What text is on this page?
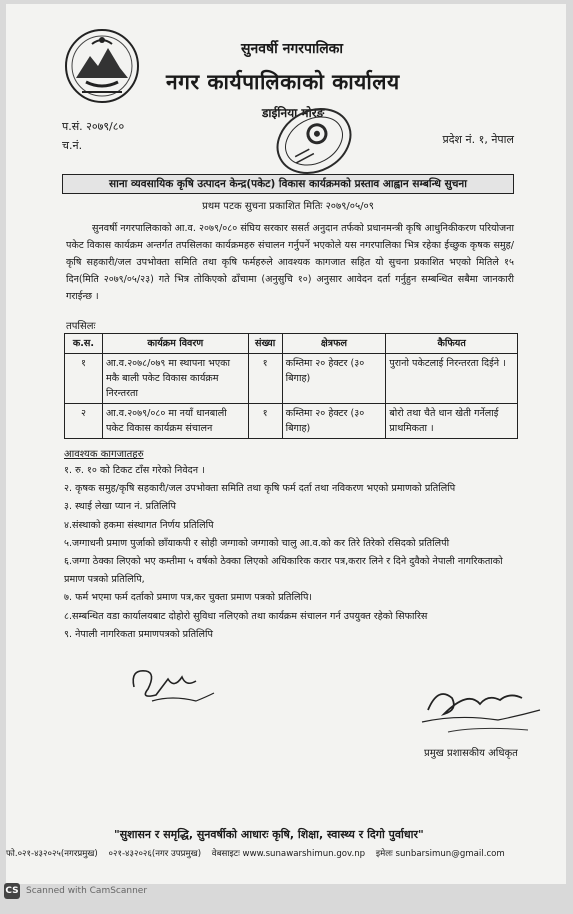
सुनवर्षी नगरपालिका
नगर कार्यपालिकाको कार्यालय
डाईनिया मोरङ
प.सं. २०७९/८०
च.नं.	प्रदेश नं. १, नेपाल
साना व्यवसायिक कृषि उत्पादन केन्द्र(पकेट) विकास कार्यक्रमको प्रस्ताव आह्वान सम्बन्धि सुचना
प्रथम पटक सुचना प्रकाशित मितिः २०७९/०५/०९
सुनवर्षी नगरपालिकाको आ.व. २०७९/०८० संघिय सरकार ससर्त अनुदान तर्फको प्रधानमन्त्री कृषि आधुनिकीकरण परियोजना पकेट विकास कार्यक्रम अन्तर्गत तपसिलका कार्यक्रमहरु संचालन गर्नुपर्ने भएकोले यस नगरपालिका भित्र रहेका ईच्छुक कृषक समुह/कृषि सहकारी/जल उपभोक्ता समिति तथा कृषि फर्महरुले आवश्यक कागजात सहित यो सुचना प्रकाशित भएको मितिले १५ दिन(मिति २०७९/०५/२३) गते भित्र तोकिएको ढाँचामा (अनुसुचि १०) अनुसार आवेदन दर्ता गर्नुहुन सम्बन्धित सबैमा जानकारी गराईन्छ ।
तपसिलः
क.स.	कार्यक्रम विवरण	संख्या	क्षेत्रफल	कैफियत
१	आ.व.२०७८/०७९ मा स्थापना भएका मकै बाली पकेट विकास कार्यक्रम निरन्तरता	१	कम्तिमा २० हेक्टर (३० बिगाह)	पुरानो पकेटलाई निरन्तरता दिईने ।
२	आ.व.२०७९/०८० मा नयाँ धानबाली पकेट विकास कार्यक्रम संचालन	१	कम्तिमा २० हेक्टर (३० बिगाह)	बोरो तथा चैते धान खेती गर्नेलाई प्राथमिकता ।
आवश्यक कागजातहरु
१. रु. १० को टिकट टाँस गरेको निवेदन ।
२. कृषक समुह/कृषि सहकारी/जल उपभोक्ता समिति तथा कृषि फर्म दर्ता तथा नविकरण भएको प्रमाणको प्रतिलिपि
३. स्थाई लेखा प्यान नं. प्रतिलिपि
४.संस्थाको हकमा संस्थागत निर्णय प्रतिलिपि
५.जग्गाधनी प्रमाण पुर्जाको छाँयाकपी र सोही जग्गाको जग्गाको चालु आ.व.को कर तिरे तिरेको रसिदको प्रतिलिपी
६.जग्गा ठेक्का लिएको भए कम्तीमा ५ वर्षको ठेक्का लिएको अधिकारिक करार पत्र,करार लिने र दिने दुवैको नेपाली नागरिकताको प्रमाण पत्रको प्रतिलिपि,
७. फर्म भएमा फर्म दर्ताको प्रमाण पत्र,कर चुक्ता प्रमाण पत्रको प्रतिलिपि।
८.सम्बन्धित वडा कार्यालयबाट दोहोरो सुविधा नलिएको तथा कार्यक्रम संचालन गर्न उपयुक्त रहेको सिफारिस
९. नेपाली नागरिकता प्रमाणपत्रको प्रतिलिपि
प्रमुख प्रशासकीय अधिकृत
"सुशासन र समृद्धि, सुनवर्षीको आधारः कृषि, शिक्षा, स्वास्थ्य र दिगो पुर्वाधार"
फो.०२१-४३२०२५(नगरप्रमुख) ०२१-४३२०२६(नगर उपप्रमुख) वेबसाइटः www.sunawarshimun.gov.np इमेलः sunbarsimun@gmail.com
CS Scanned with CamScanner
